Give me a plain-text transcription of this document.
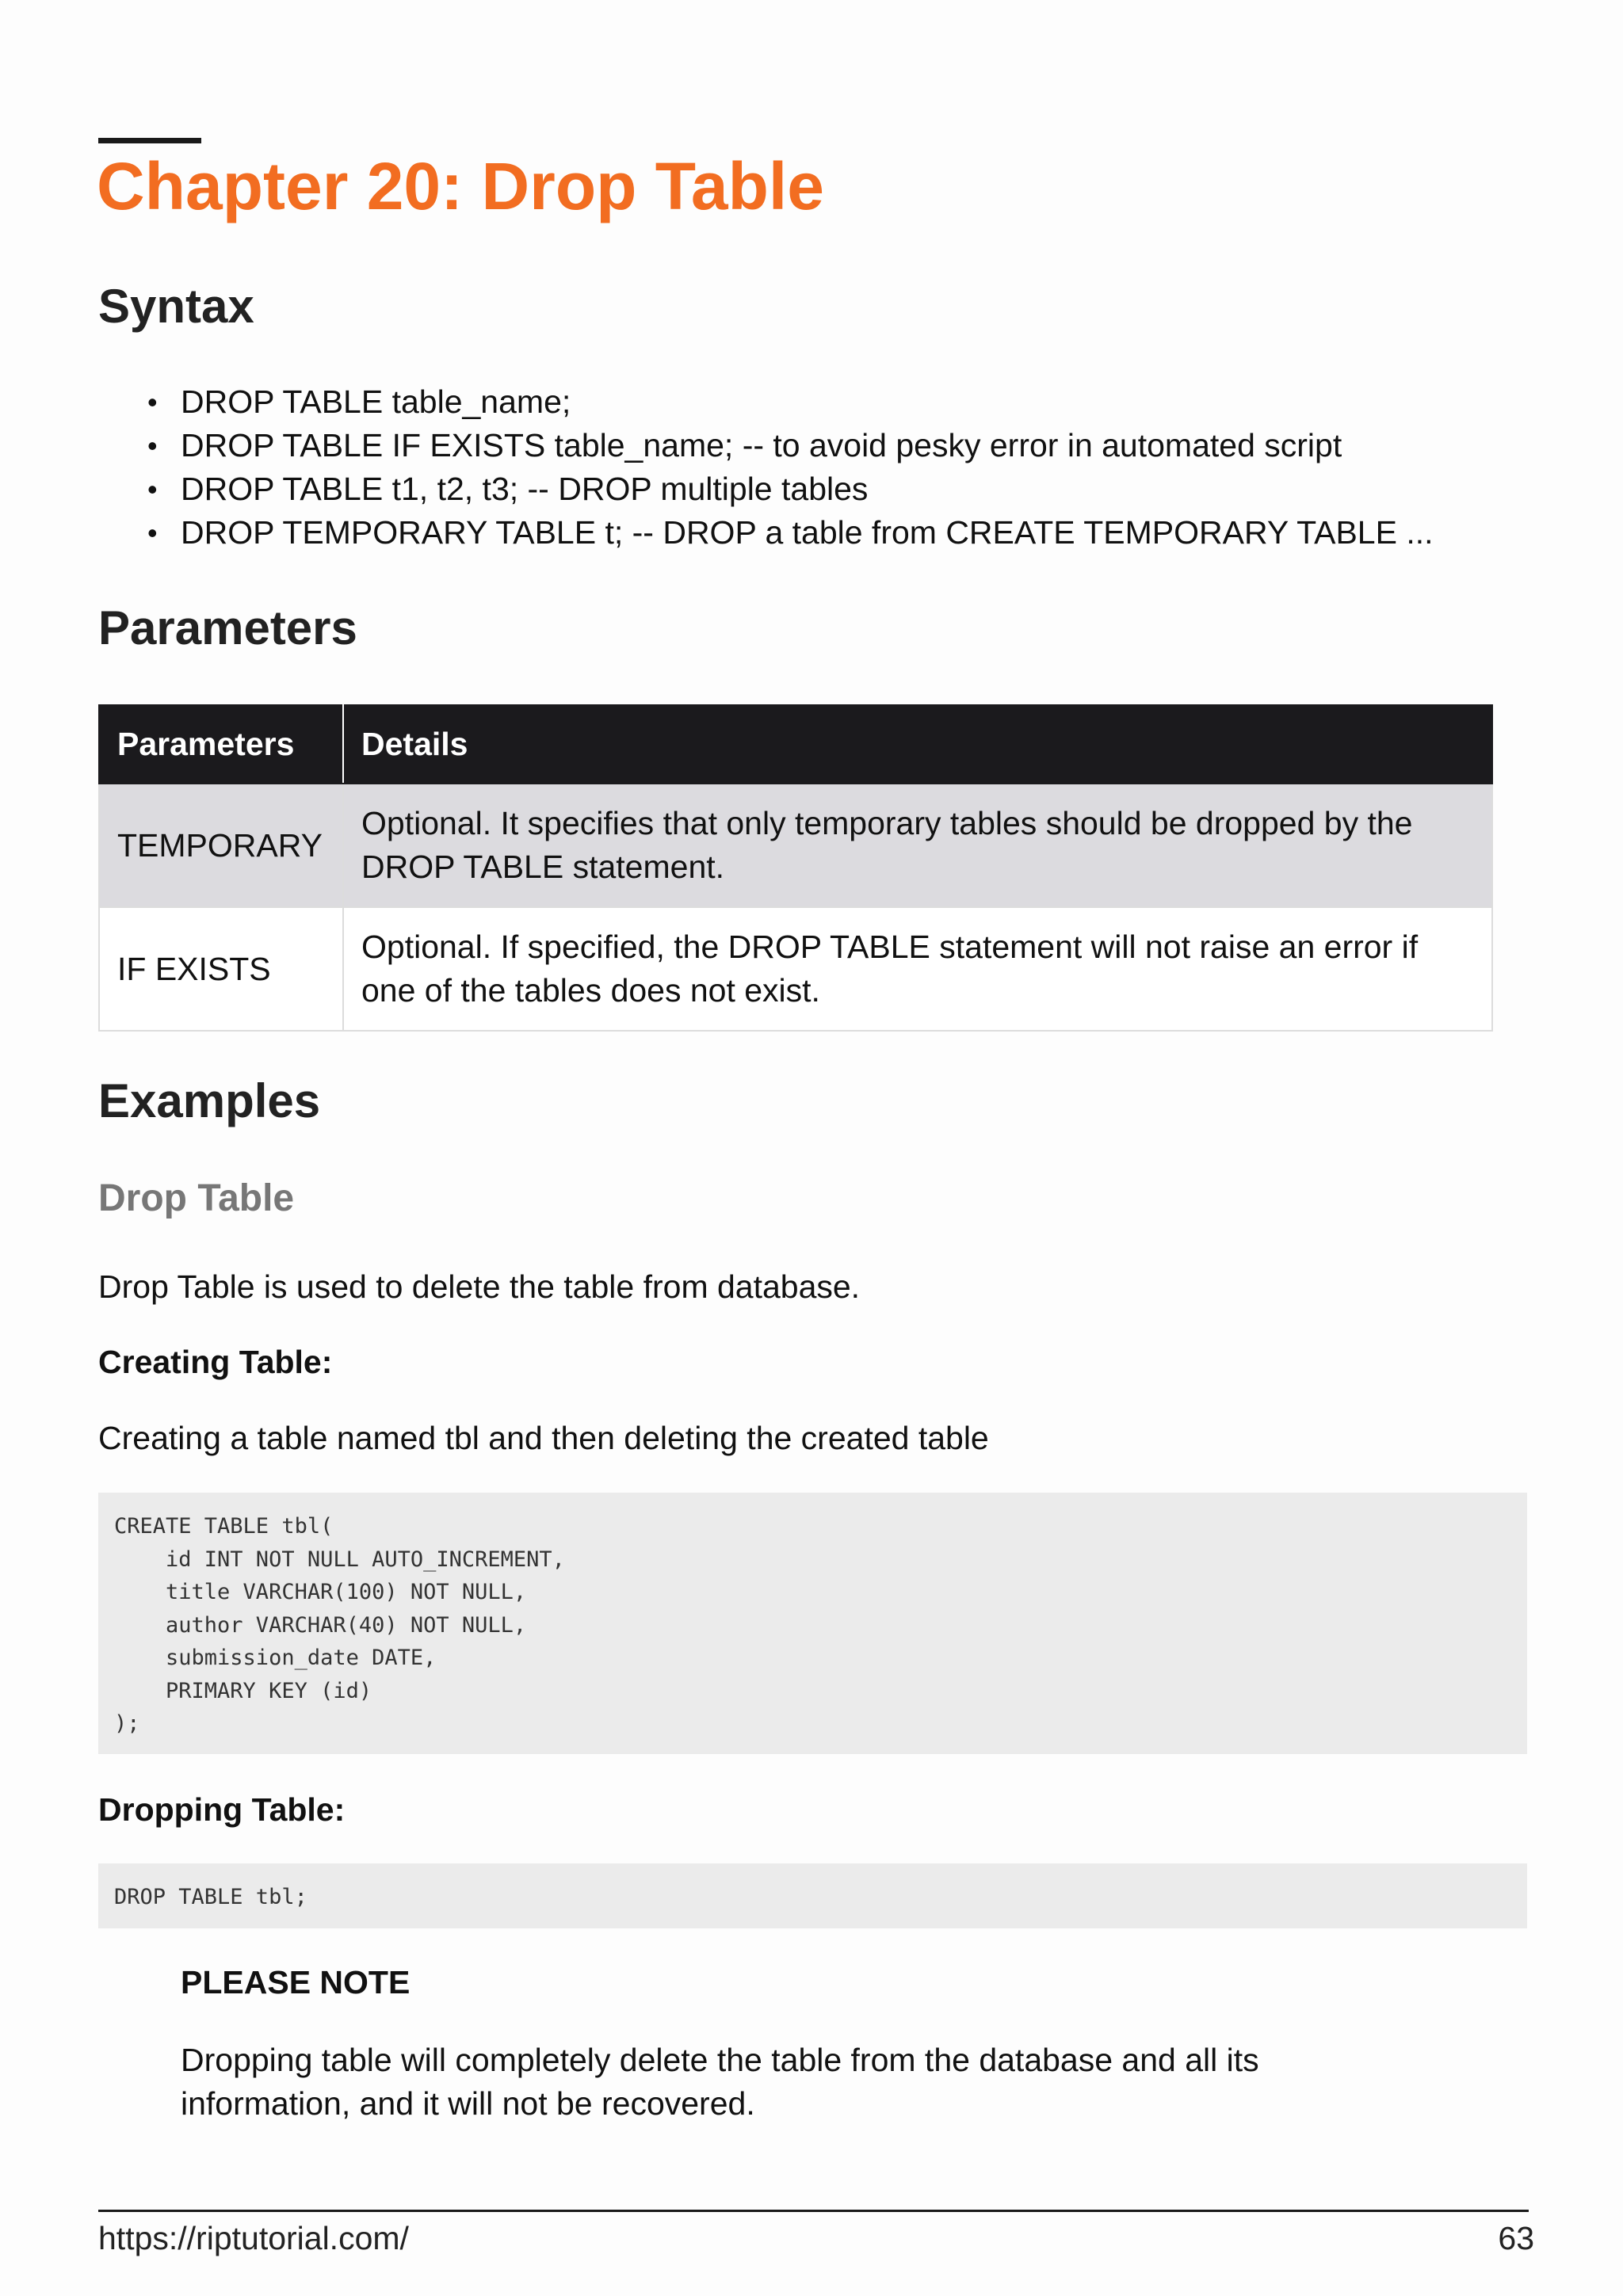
Chapter 20: Drop Table
Syntax
• DROP TABLE table_name;
• DROP TABLE IF EXISTS table_name; -- to avoid pesky error in automated script
• DROP TABLE t1, t2, t3; -- DROP multiple tables
• DROP TEMPORARY TABLE t; -- DROP a table from CREATE TEMPORARY TABLE ...
Parameters
Parameters	Details
TEMPORARY	Optional. It specifies that only temporary tables should be dropped by the
DROP TABLE statement.

IF EXISTS	Optional. If specified, the DROP TABLE statement will not raise an error if
one of the tables does not exist.
Examples
Drop Table

Drop Table is used to delete the table from database.

Creating Table:

Creating a table named tbl and then deleting the created table

CREATE TABLE tbl(
id INT NOT NULL AUTO_INCREMENT,
title VARCHAR(100) NOT NULL,
author VARCHAR(40) NOT NULL,
submission_date DATE,
PRIMARY KEY (id)
);

Dropping Table:

DROP TABLE tbl;

PLEASE NOTE

Dropping table will completely delete the table from the database and all its
information, and it will not be recovered.
https://riptutorial.com/	63
